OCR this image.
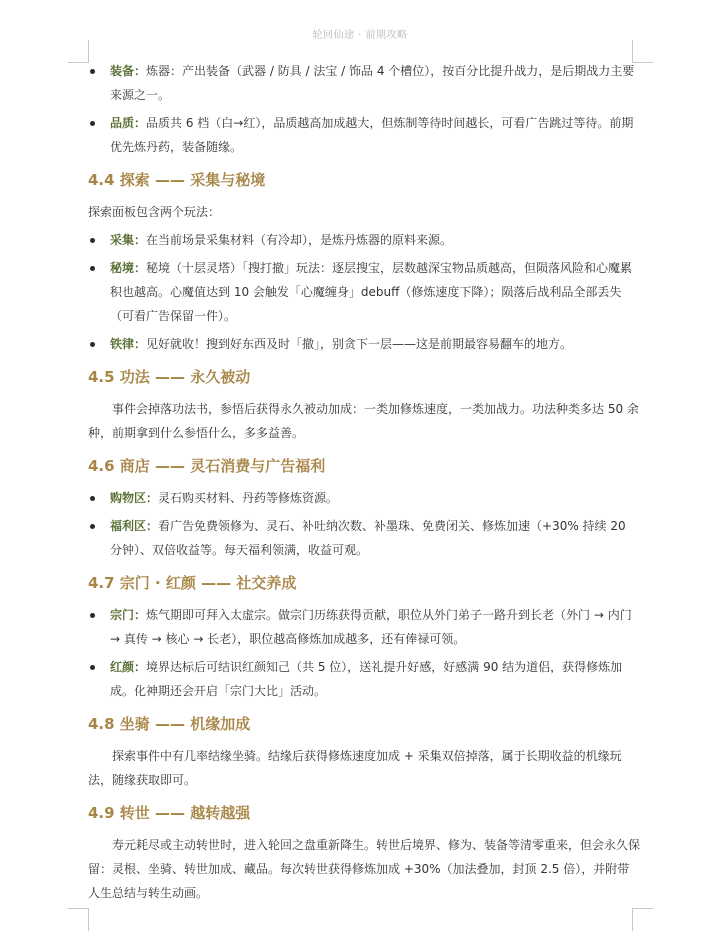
轮回仙途 · 前期攻略
装备：炼器：产出装备（武器 / 防具 / 法宝 / 饰品 4 个槽位），按百分比提升战力，是后期战力主要来源之一。
品质：品质共 6 档（白→红），品质越高加成越大，但炼制等待时间越长，可看广告跳过等待。前期优先炼丹药，装备随缘。
4.4 探索 —— 采集与秘境

探索面板包含两个玩法：

采集：在当前场景采集材料（有冷却），是炼丹炼器的原料来源。
秘境：秘境（十层灵塔）「搜打撤」玩法：逐层搜宝，层数越深宝物品质越高，但陨落风险和心魔累积也越高。心魔值达到 10 会触发「心魔缠身」debuff（修炼速度下降）；陨落后战利品全部丢失（可看广告保留一件）。
铁律：见好就收！搜到好东西及时「撤」，别贪下一层——这是前期最容易翻车的地方。
4.5 功法 —— 永久被动

事件会掉落功法书，参悟后获得永久被动加成：一类加修炼速度，一类加战力。功法种类多达 50 余种，前期拿到什么参悟什么，多多益善。

4.6 商店 —— 灵石消费与广告福利
购物区：灵石购买材料、丹药等修炼资源。
福利区：看广告免费领修为、灵石、补吐纳次数、补墨珠、免费闭关、修炼加速（+30% 持续 20 分钟）、双倍收益等。每天福利领满，收益可观。
4.7 宗门 · 红颜 —— 社交养成
宗门：炼气期即可拜入太虚宗。做宗门历练获得贡献，职位从外门弟子一路升到长老（外门 → 内门 → 真传 → 核心 → 长老），职位越高修炼加成越多，还有俸禄可领。
红颜：境界达标后可结识红颜知己（共 5 位），送礼提升好感，好感满 90 结为道侣，获得修炼加成。化神期还会开启「宗门大比」活动。
4.8 坐骑 —— 机缘加成

探索事件中有几率结缘坐骑。结缘后获得修炼速度加成 + 采集双倍掉落，属于长期收益的机缘玩法，随缘获取即可。

4.9 转世 —— 越转越强

寿元耗尽或主动转世时，进入轮回之盘重新降生。转世后境界、修为、装备等清零重来，但会永久保留：灵根、坐骑、转世加成、藏品。每次转世获得修炼加成 +30%（加法叠加，封顶 2.5 倍），并附带人生总结与转生动画。
